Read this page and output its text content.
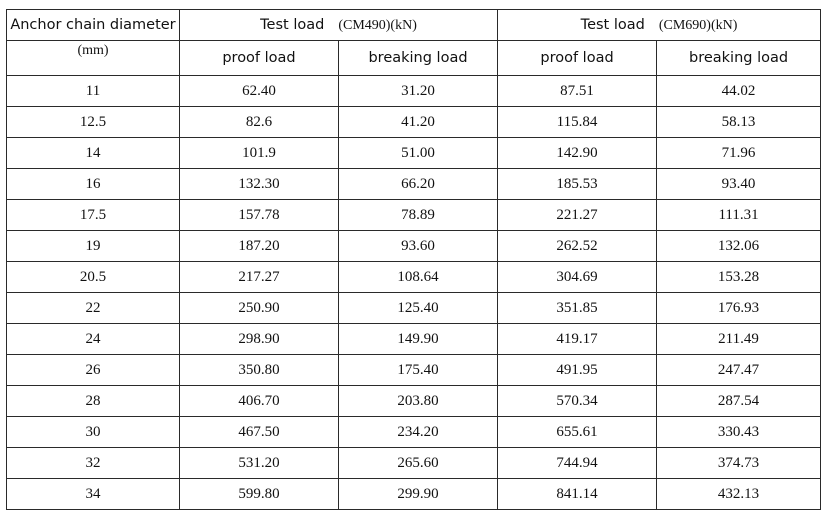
Anchor chain diameter	Test load (CM490)(kN)		Test load (CM690)(kN)	
(mm)	proof load	breaking load	proof load	breaking load
11	62.40	31.20	87.51	44.02
12.5	82.6	41.20	115.84	58.13
14	101.9	51.00	142.90	71.96
16	132.30	66.20	185.53	93.40
17.5	157.78	78.89	221.27	111.31
19	187.20	93.60	262.52	132.06
20.5	217.27	108.64	304.69	153.28
22	250.90	125.40	351.85	176.93
24	298.90	149.90	419.17	211.49
26	350.80	175.40	491.95	247.47
28	406.70	203.80	570.34	287.54
30	467.50	234.20	655.61	330.43
32	531.20	265.60	744.94	374.73
34	599.80	299.90	841.14	432.13
